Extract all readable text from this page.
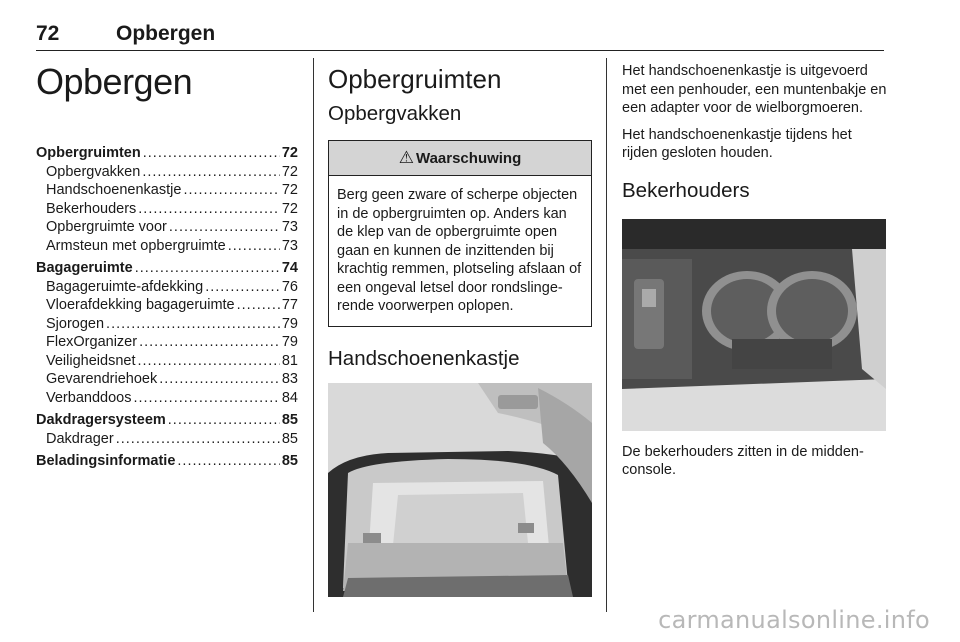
72	Opbergen
Opbergen
Opbergruimten .....	72
Opbergvakken .....	72
Handschoenenkastje .....	72
Bekerhouders .....	72
Opbergruimte voor .....	73
Armsteun met opbergruimte .....	73
Bagageruimte .....	74
Bagageruimte-afdekking .....	76
Vloerafdekking bagageruimte .....	77
Sjorogen .....	79
FlexOrganizer .....	79
Veiligheidsnet .....	81
Gevarendriehoek .....	83
Verbanddoos .....	84
Dakdragersysteem .....	85
Dakdrager .....	85
Beladingsinformatie .....	85
Opbergruimten
Opbergvakken
⚠ Waarschuwing
Berg geen zware of scherpe objecten in de opbergruimten op. Anders kan de klep van de opbergruimte open gaan en kunnen de inzittenden bij krachtig remmen, plotseling afslaan of een ongeval letsel door rondslingerende voorwerpen oplopen.
Handschoenenkastje

Het handschoenenkastje is uitgevoerd met een penhouder, een muntenbakje en een adapter voor de wielborgmoeren.

Het handschoenenkastje tijdens het rijden gesloten houden.

Bekerhouders

De bekerhouders zitten in de middenconsole.

carmanualsonline.info
